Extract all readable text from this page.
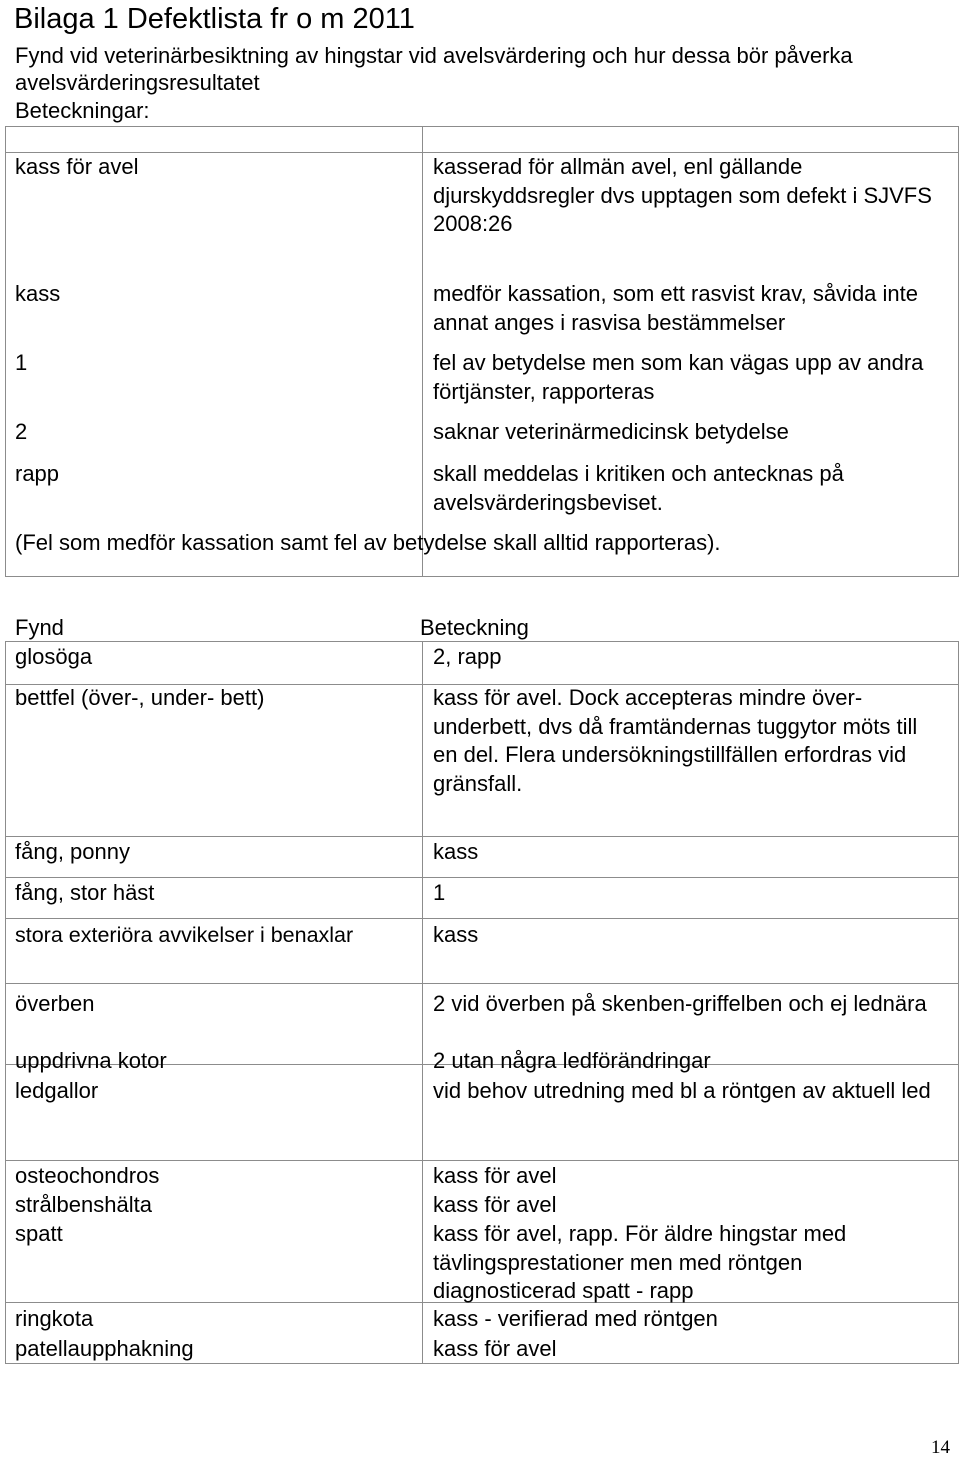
Bilaga 1 Defektlista fr o m 2011
Fynd vid veterinärbesiktning av hingstar vid avelsvärdering och hur dessa bör påverka avelsvärderingsresultatet
Beteckningar:
kass för avel	kasserad för allmän avel, enl gällande djurskyddsregler dvs upptagen som defekt i SJVFS 2008:26
kass	medför kassation, som ett rasvist krav, såvida inte annat anges i rasvisa bestämmelser
1	fel av betydelse men som kan vägas upp av andra förtjänster, rapporteras
2	saknar veterinärmedicinsk betydelse
rapp	skall meddelas i kritiken och antecknas på avelsvärderingsbeviset.
(Fel som medför kassation samt fel av betydelse skall alltid rapporteras).
Fynd	Beteckning
glosöga	2, rapp
bettfel (över-, under- bett)	kass för avel. Dock accepteras mindre över-underbett, dvs då framtändernas tuggytor möts till en del. Flera undersökningstillfällen erfordras vid gränsfall.
fång, ponny	kass
fång, stor häst	1
stora exteriöra avvikelser i benaxlar	kass
överben	2 vid överben på skenben-griffelben och ej lednära
uppdrivna kotor	2 utan några ledförändringar
ledgallor	vid behov utredning med bl a röntgen av aktuell led
osteochondros	kass för avel
strålbenshälta	kass för avel
spatt	kass för avel, rapp. För äldre hingstar med tävlingsprestationer men med röntgen diagnosticerad spatt - rapp
ringkota	kass - verifierad med röntgen
patellaupphakning	kass för avel
14
